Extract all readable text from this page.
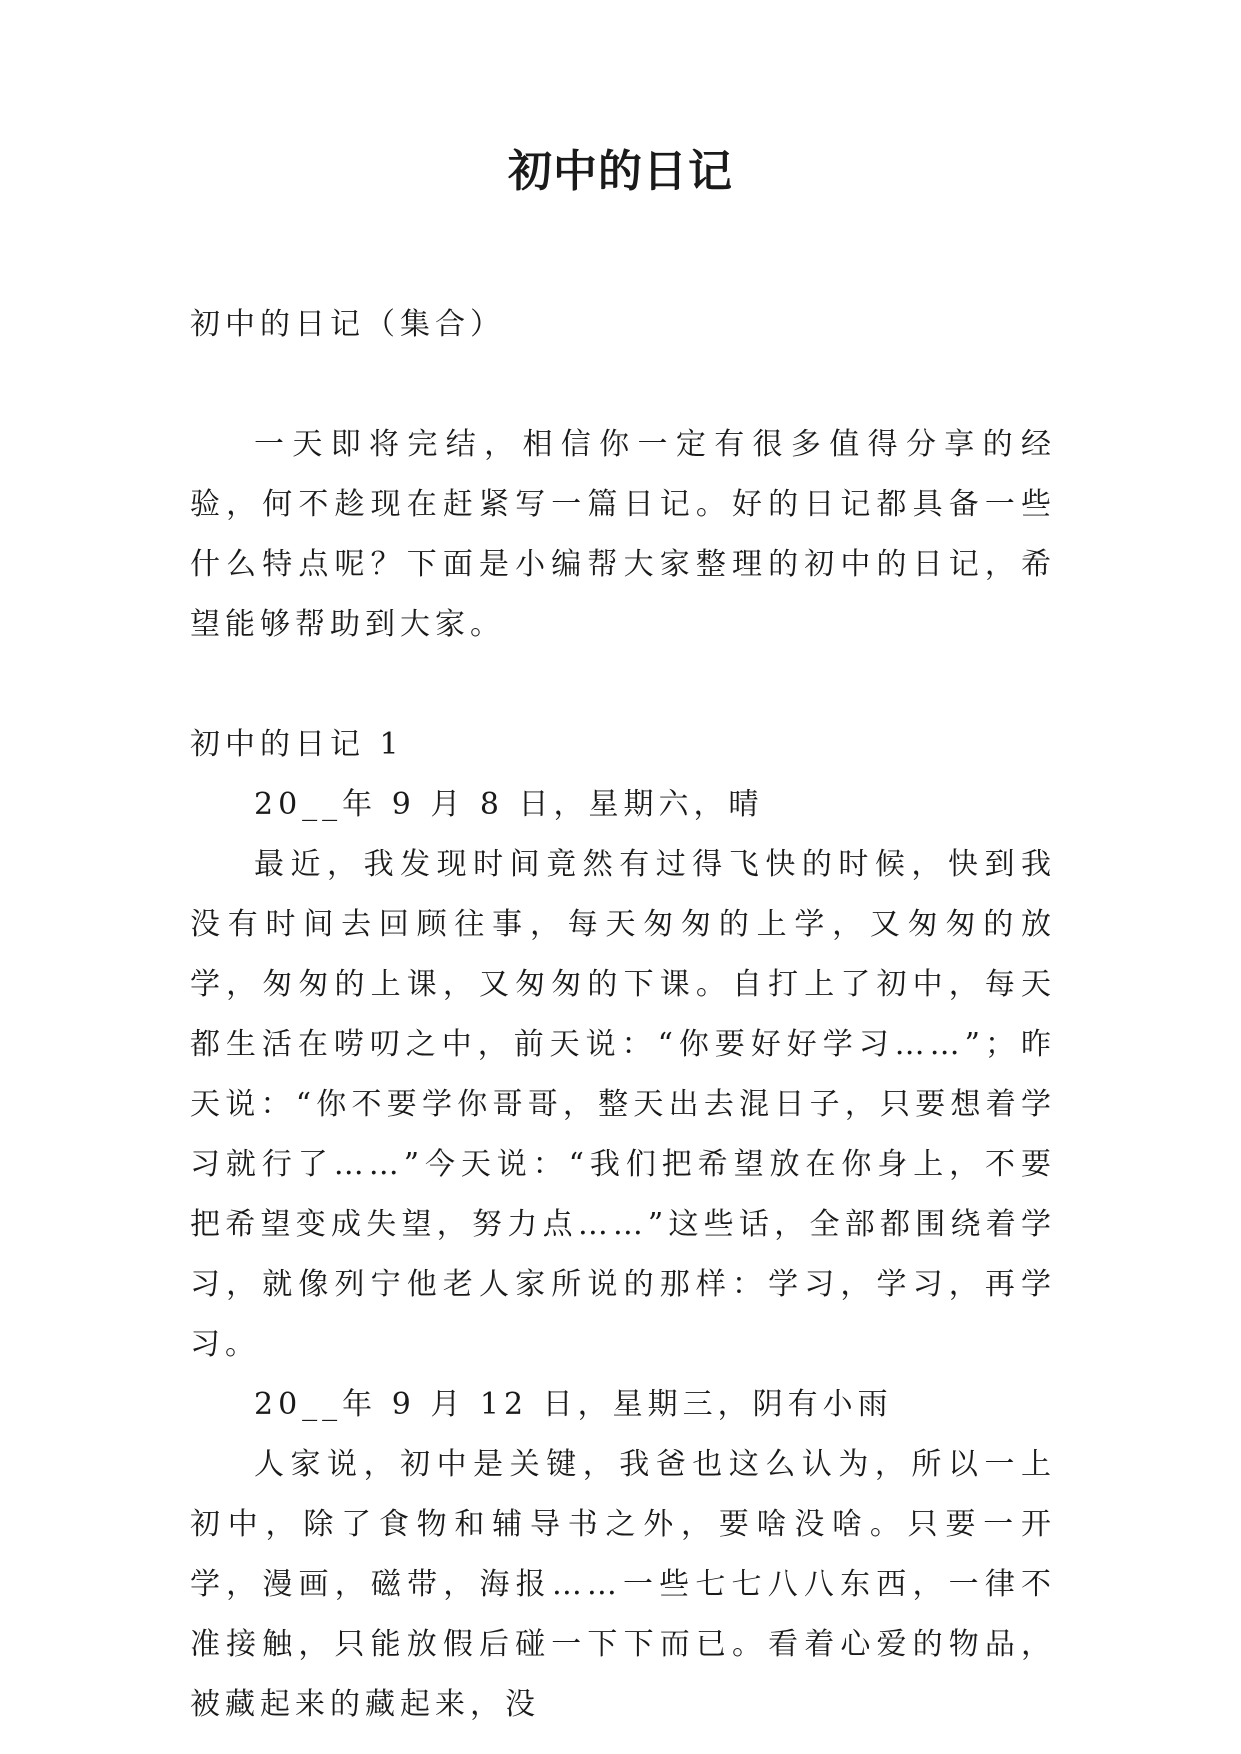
初中的日记

初中的日记（集合）

一天即将完结，相信你一定有很多值得分享的经验，何不趁现在赶紧写一篇日记。好的日记都具备一些什么特点呢？下面是小编帮大家整理的初中的日记，希望能够帮助到大家。

初中的日记 1

20__年 9 月 8 日，星期六，晴

最近，我发现时间竟然有过得飞快的时候，快到我没有时间去回顾往事，每天匆匆的上学，又匆匆的放学，匆匆的上课，又匆匆的下课。自打上了初中，每天都生活在唠叨之中，前天说：“你要好好学习……”；昨天说：“你不要学你哥哥，整天出去混日子，只要想着学习就行了……”今天说：“我们把希望放在你身上，不要把希望变成失望，努力点……”这些话，全部都围绕着学习，就像列宁他老人家所说的那样：学习，学习，再学习。

20__年 9 月 12 日，星期三，阴有小雨

人家说，初中是关键，我爸也这么认为，所以一上初中，除了食物和辅导书之外，要啥没啥。只要一开学，漫画，磁带，海报……一些七七八八东西，一律不准接触，只能放假后碰一下下而已。看着心爱的物品，被藏起来的藏起来，没
